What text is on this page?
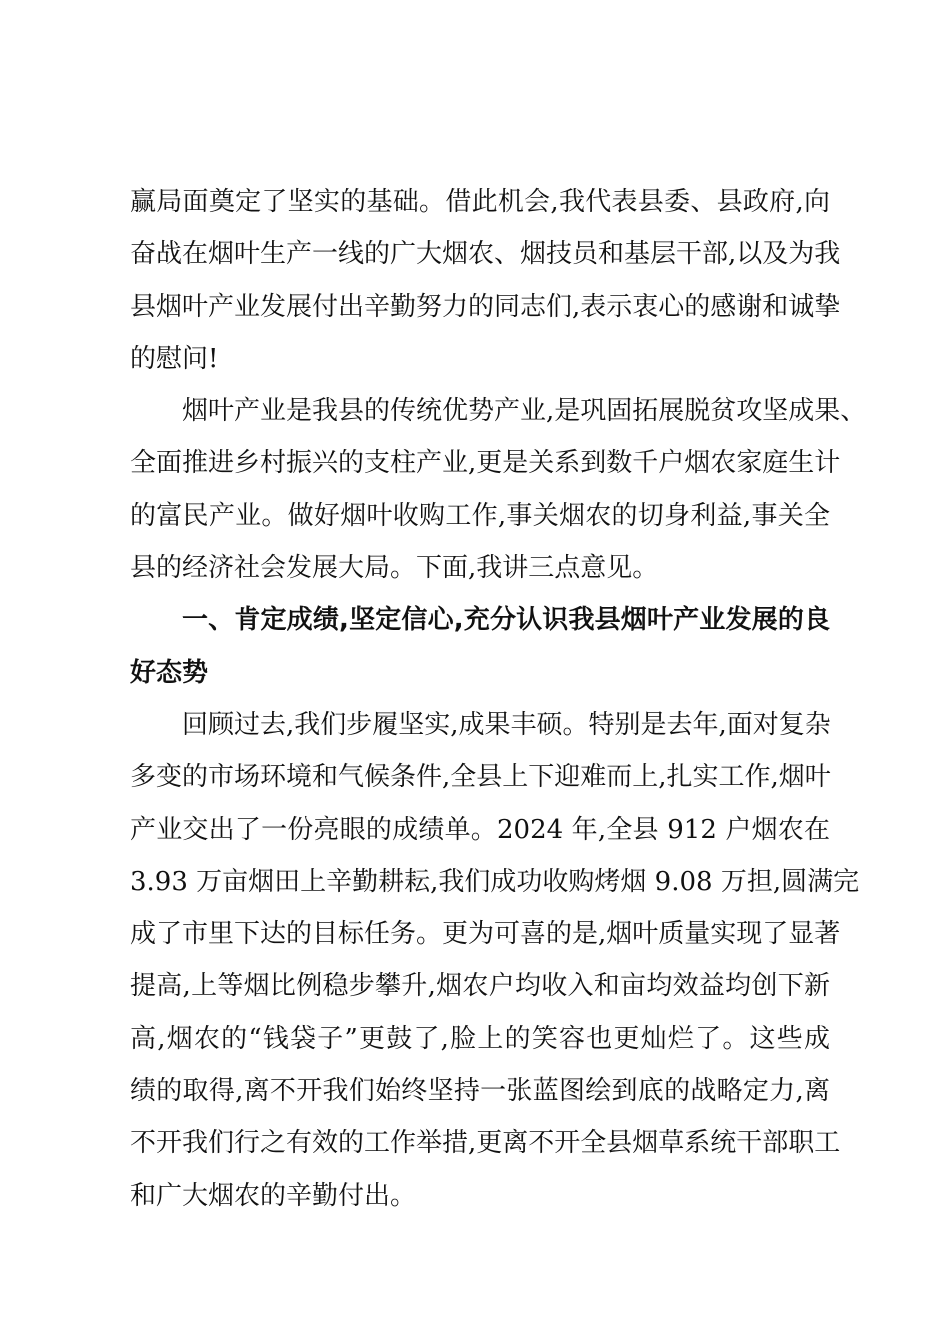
赢局面奠定了坚实的基础。借此机会,我代表县委、县政府,向
奋战在烟叶生产一线的广大烟农、烟技员和基层干部,以及为我
县烟叶产业发展付出辛勤努力的同志们,表示衷心的感谢和诚挚
的慰问!
烟叶产业是我县的传统优势产业,是巩固拓展脱贫攻坚成果、
全面推进乡村振兴的支柱产业,更是关系到数千户烟农家庭生计
的富民产业。做好烟叶收购工作,事关烟农的切身利益,事关全
县的经济社会发展大局。下面,我讲三点意见。
一、肯定成绩,坚定信心,充分认识我县烟叶产业发展的良
好态势
回顾过去,我们步履坚实,成果丰硕。特别是去年,面对复杂
多变的市场环境和气候条件,全县上下迎难而上,扎实工作,烟叶
产业交出了一份亮眼的成绩单。2024 年,全县 912 户烟农在
3.93 万亩烟田上辛勤耕耘,我们成功收购烤烟 9.08 万担,圆满完
成了市里下达的目标任务。更为可喜的是,烟叶质量实现了显著
提高,上等烟比例稳步攀升,烟农户均收入和亩均效益均创下新
高,烟农的“钱袋子”更鼓了,脸上的笑容也更灿烂了。这些成
绩的取得,离不开我们始终坚持一张蓝图绘到底的战略定力,离
不开我们行之有效的工作举措,更离不开全县烟草系统干部职工
和广大烟农的辛勤付出。
